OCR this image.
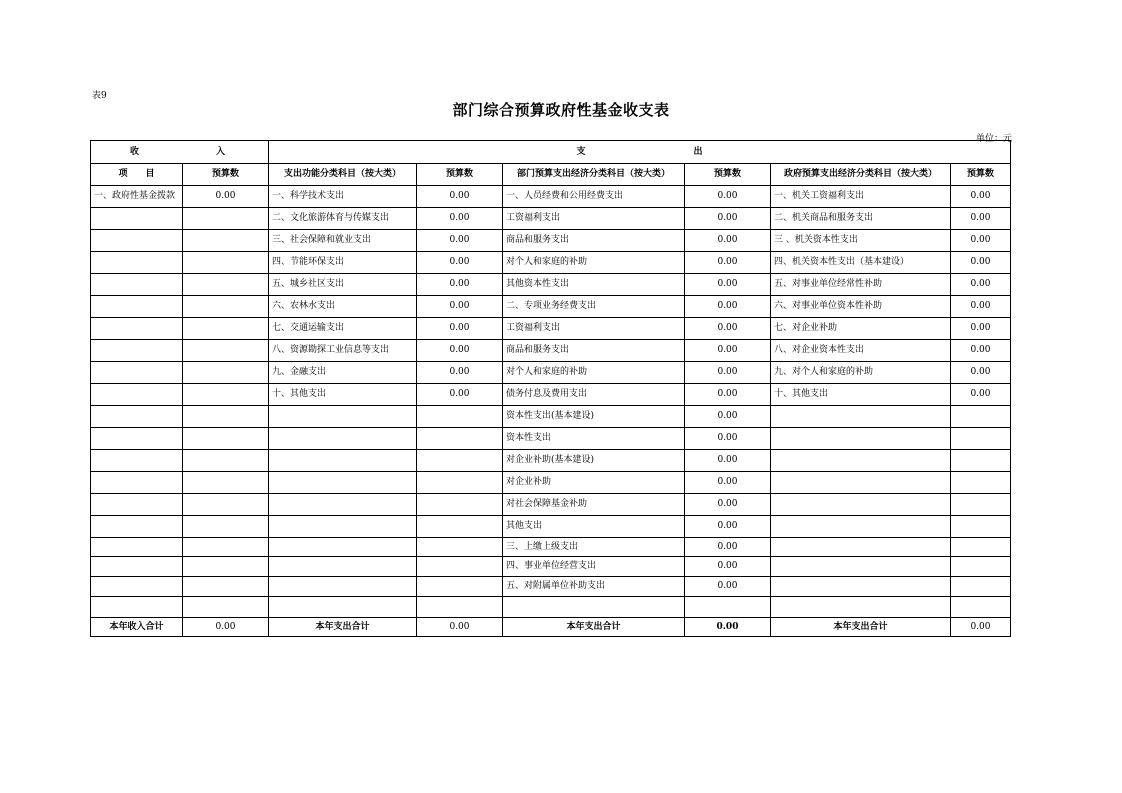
表9
部门综合预算政府性基金收支表
单位：元
收 入		支 出					

项　　目	预算数	支出功能分类科目（按大类）	预算数	部门预算支出经济分类科目（按大类）	预算数	政府预算支出经济分类科目（按大类）	预算数
一、政府性基金拨款	0.00	一、科学技术支出	0.00	一、人员经费和公用经费支出	0.00	一、机关工资福利支出	0.00
		二、文化旅游体育与传媒支出	0.00	工资福利支出	0.00	二、机关商品和服务支出	0.00
		三、社会保障和就业支出	0.00	商品和服务支出	0.00	三 、机关资本性支出	0.00
		四、节能环保支出	0.00	对个人和家庭的补助	0.00	四、机关资本性支出（基本建设）	0.00
		五、城乡社区支出	0.00	其他资本性支出	0.00	五、对事业单位经常性补助	0.00
		六、农林水支出	0.00	二、专项业务经费支出	0.00	六、对事业单位资本性补助	0.00
		七、交通运输支出	0.00	工资福利支出	0.00	七、对企业补助	0.00
		八、资源勘探工业信息等支出	0.00	商品和服务支出	0.00	八、对企业资本性支出	0.00
		九、金融支出	0.00	对个人和家庭的补助	0.00	九、对个人和家庭的补助	0.00
		十、其他支出	0.00	债务付息及费用支出	0.00	十、其他支出	0.00
				资本性支出(基本建设)	0.00		
				资本性支出	0.00		
				对企业补助(基本建设)	0.00		
				对企业补助	0.00		
				对社会保障基金补助	0.00		
				其他支出	0.00		
				三、上缴上级支出	0.00		
				四、事业单位经营支出	0.00		
				五、对附属单位补助支出	0.00		

本年收入合计	0.00	本年支出合计	0.00	本年支出合计	0.00	本年支出合计	0.00
